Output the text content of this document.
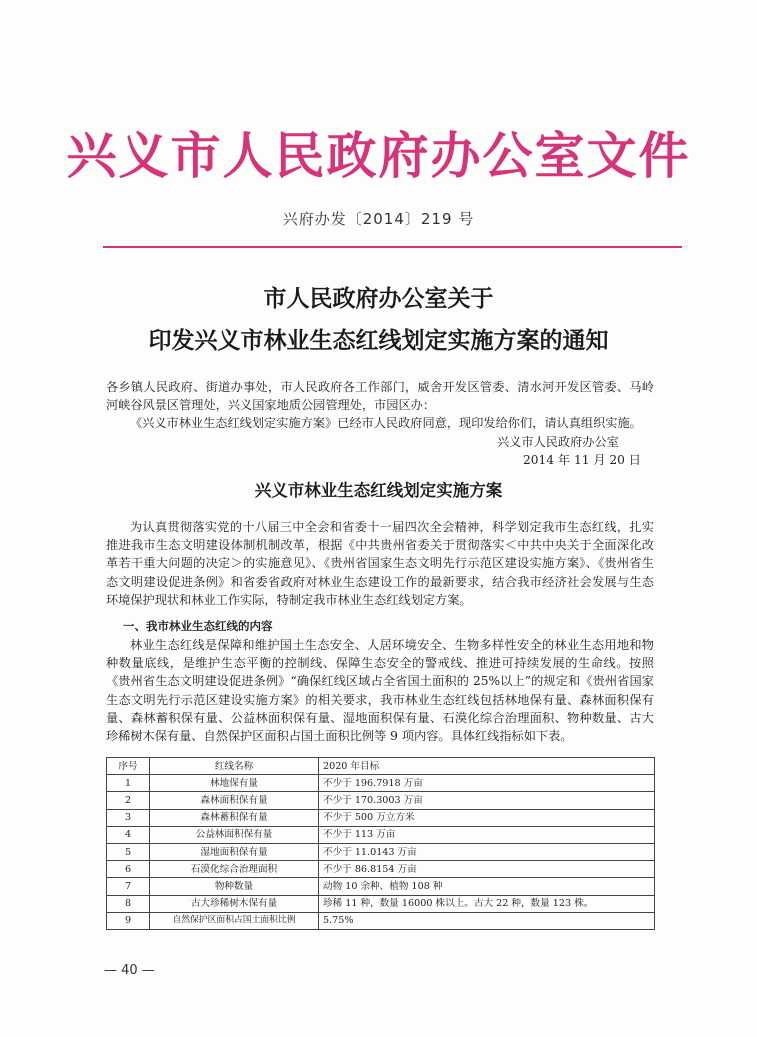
兴义市人民政府办公室文件
兴府办发〔2014〕219 号
市人民政府办公室关于
印发兴义市林业生态红线划定实施方案的通知

各乡镇人民政府、街道办事处，市人民政府各工作部门，威舍开发区管委、清水河开发区管委、马岭河峡谷风景区管理处，兴义国家地质公园管理处，市园区办：

《兴义市林业生态红线划定实施方案》已经市人民政府同意，现印发给你们，请认真组织实施。

兴义市人民政府办公室
2014 年 11 月 20 日
兴义市林业生态红线划定实施方案

为认真贯彻落实党的十八届三中全会和省委十一届四次全会精神，科学划定我市生态红线，扎实推进我市生态文明建设体制机制改革，根据《中共贵州省委关于贯彻落实＜中共中央关于全面深化改革若干重大问题的决定＞的实施意见》、《贵州省国家生态文明先行示范区建设实施方案》、《贵州省生态文明建设促进条例》和省委省政府对林业生态建设工作的最新要求，结合我市经济社会发展与生态环境保护现状和林业工作实际，特制定我市林业生态红线划定方案。

一、我市林业生态红线的内容

林业生态红线是保障和维护国土生态安全、人居环境安全、生物多样性安全的林业生态用地和物种数量底线，是维护生态平衡的控制线、保障生态安全的警戒线、推进可持续发展的生命线。按照《贵州省生态文明建设促进条例》“确保红线区域占全省国土面积的 25%以上”的规定和《贵州省国家生态文明先行示范区建设实施方案》的相关要求，我市林业生态红线包括林地保有量、森林面积保有量、森林蓄积保有量、公益林面积保有量、湿地面积保有量、石漠化综合治理面积、物种数量、古大珍稀树木保有量、自然保护区面积占国土面积比例等 9 项内容。具体红线指标如下表。

序号	红线名称	2020 年目标
1	林地保有量	不少于 196.7918 万亩
2	森林面积保有量	不少于 170.3003 万亩
3	森林蓄积保有量	不少于 500 万立方米
4	公益林面积保有量	不少于 113 万亩
5	湿地面积保有量	不少于 11.0143 万亩
6	石漠化综合治理面积	不少于 86.8154 万亩
7	物种数量	动物 10 余种、植物 108 种
8	古大珍稀树木保有量	珍稀 11 种，数量 16000 株以上。古大 22 种，数量 123 株。
9	自然保护区面积占国土面积比例	5.75%
— 40 —
